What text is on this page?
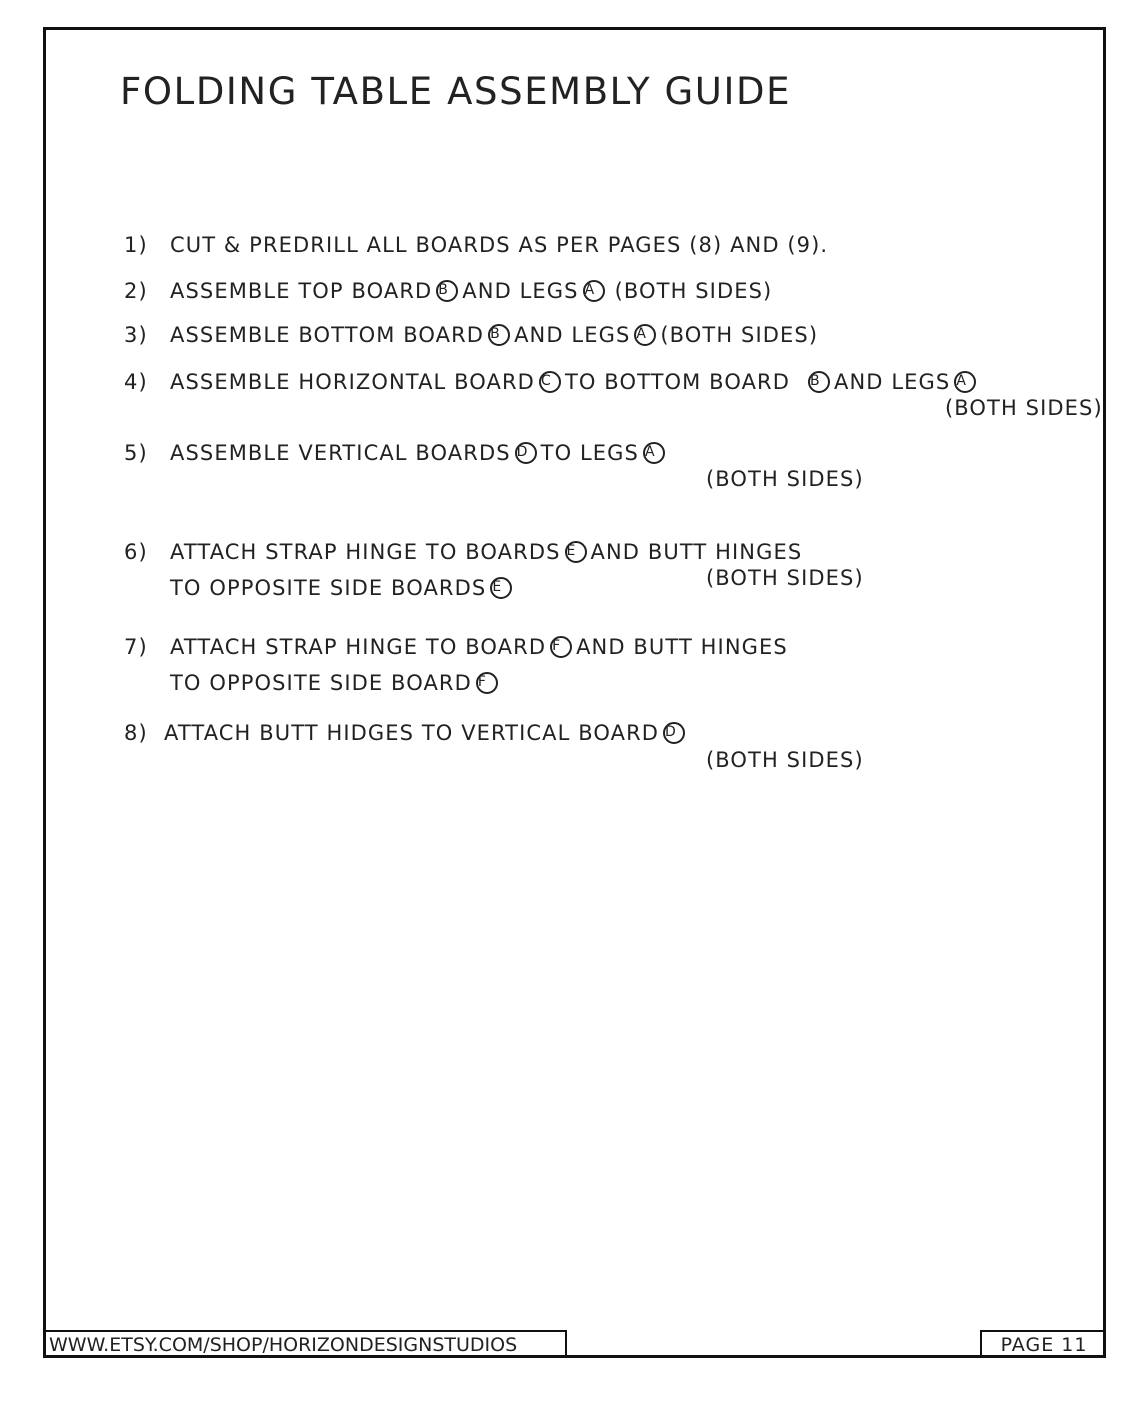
FOLDING TABLE ASSEMBLY GUIDE
1)	CUT & PREDRILL ALL BOARDS AS PER PAGES (8) AND (9).
2)	ASSEMBLE TOP BOARD B AND LEGS A (BOTH SIDES)
3)	ASSEMBLE BOTTOM BOARD B AND LEGS A (BOTH SIDES)
4)	ASSEMBLE HORIZONTAL BOARD C TO BOTTOM BOARD B AND LEGS A
(BOTH SIDES)
5)	ASSEMBLE VERTICAL BOARDS D TO LEGS A
(BOTH SIDES)
6)	ATTACH STRAP HINGE TO BOARDS E AND BUTT HINGES
TO OPPOSITE SIDE BOARDS E	(BOTH SIDES)
7)	ATTACH STRAP HINGE TO BOARD F AND BUTT HINGES
TO OPPOSITE SIDE BOARD F
8) ATTACH BUTT HIDGES TO VERTICAL BOARD D
(BOTH SIDES)
WWW.ETSY.COM/SHOP/HORIZONDESIGNSTUDIOS	PAGE 11
